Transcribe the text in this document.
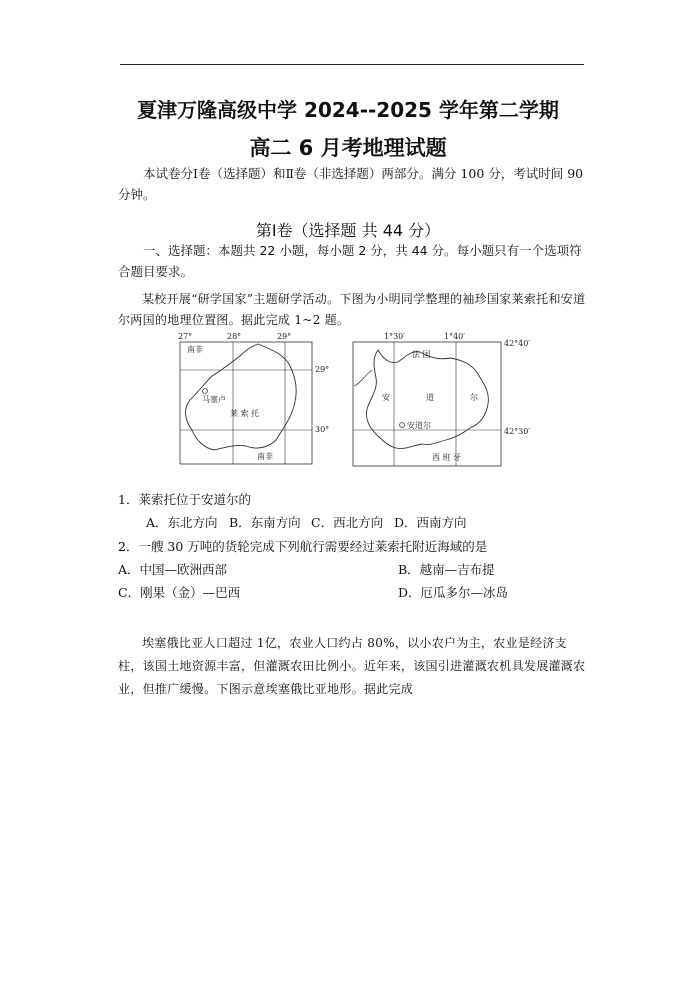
夏津万隆高级中学 2024--2025 学年第二学期
高二 6 月考地理试题
本试卷分Ⅰ卷（选择题）和Ⅱ卷（非选择题）两部分。满分 100 分，考试时间 90 分钟。
第Ⅰ卷（选择题 共 44 分）
一、选择题：本题共 22 小题，每小题 2 分，共 44 分。每小题只有一个选项符合题目要求。
某校开展“研学国家”主题研学活动。下图为小明同学整理的袖珍国家莱索托和安道尔两国的地理位置图。据此完成 1~2 题。
27°	28°	29°
29°
30°
南非
马塞卢
莱 索 托
南非
1°30′	1°40′
42°40′
42°30′
法 国
安	道	尔
安道尔
西 班 牙
1．莱索托位于安道尔的
A．东北方向 B．东南方向 C．西北方向 D．西南方向
2．一艘 30 万吨的货轮完成下列航行需要经过莱索托附近海域的是
A．中国—欧洲西部	B．越南—吉布提
C．刚果（金）—巴西	D．厄瓜多尔—冰岛
埃塞俄比亚人口超过 1亿，农业人口约占 80%，以小农户为主，农业是经济支柱，该国土地资源丰富，但灌溉农田比例小。近年来，该国引进灌溉农机具发展灌溉农业，但推广缓慢。下图示意埃塞俄比亚地形。据此完成
